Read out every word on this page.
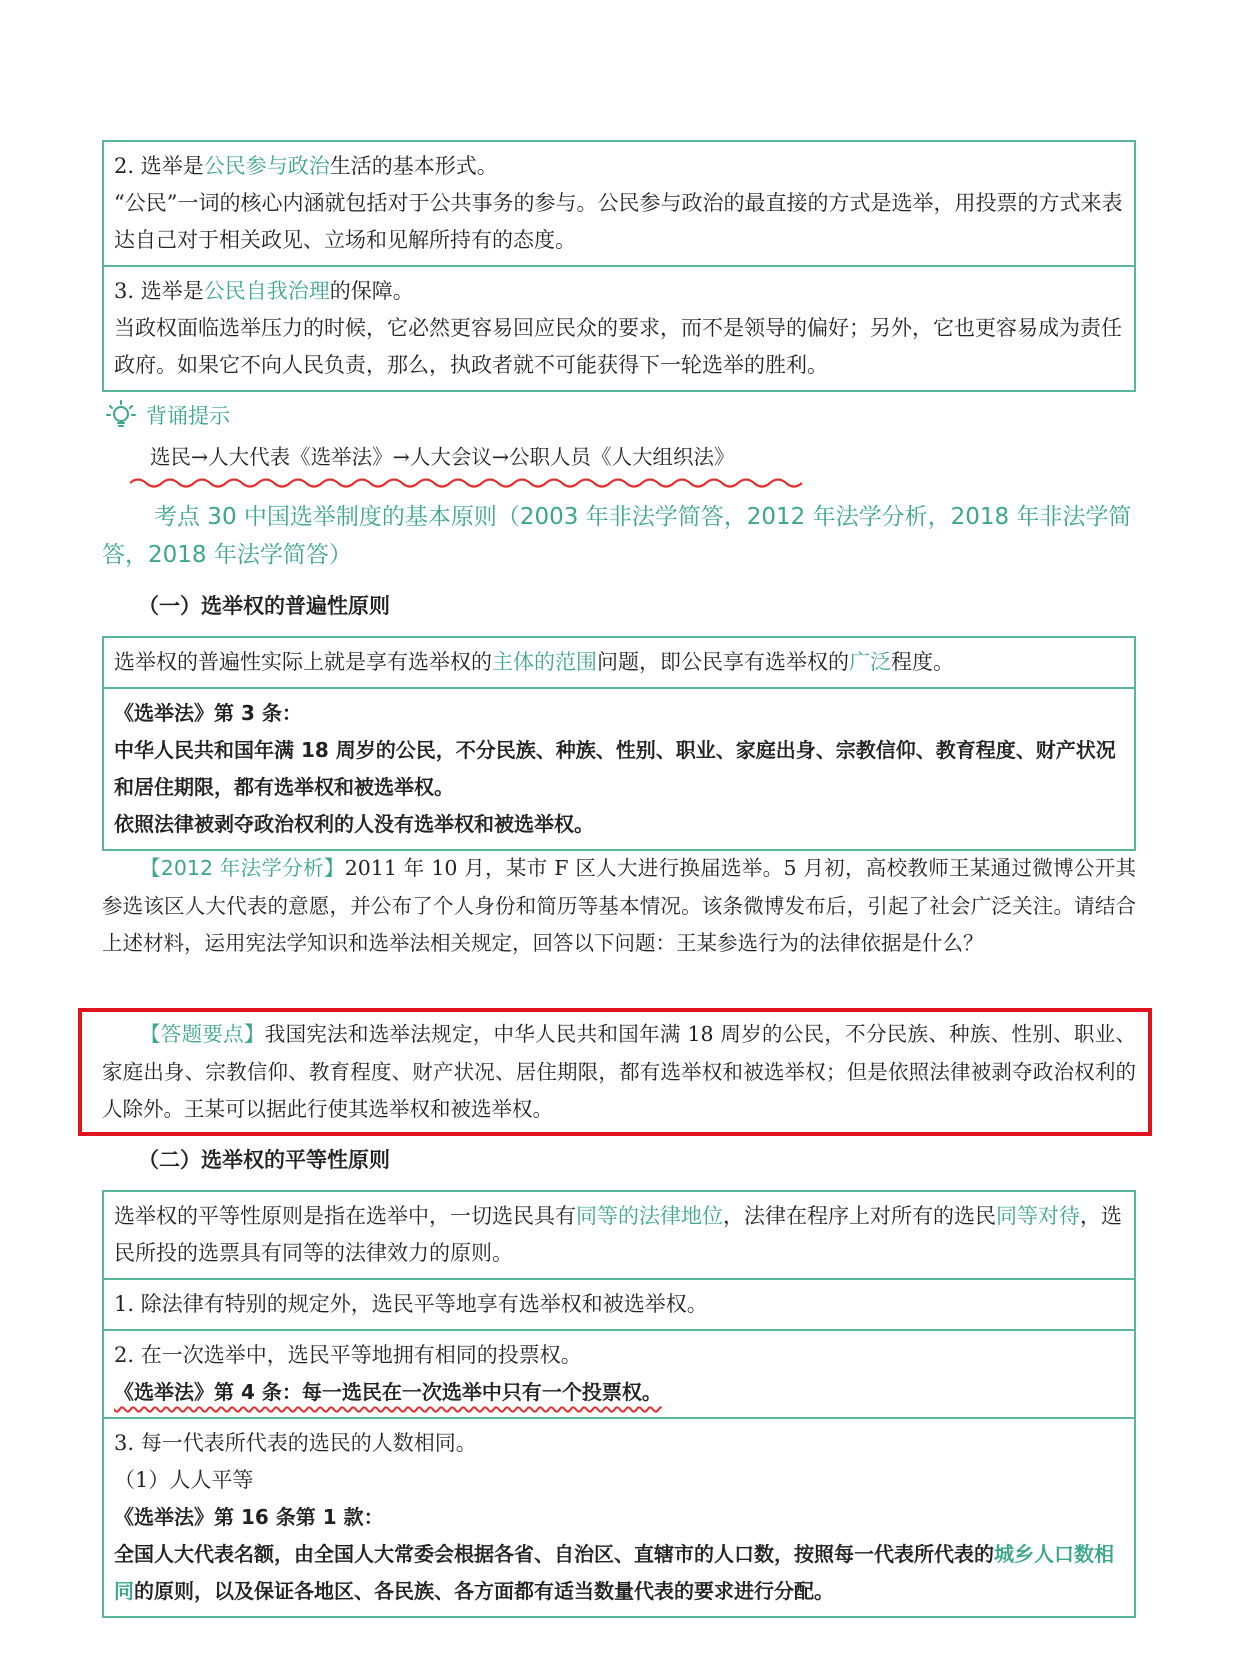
2. 选举是公民参与政治生活的基本形式。
“公民”一词的核心内涵就包括对于公共事务的参与。公民参与政治的最直接的方式是选举，用投票的方式来表达自己对于相关政见、立场和见解所持有的态度。
3. 选举是公民自我治理的保障。
当政权面临选举压力的时候，它必然更容易回应民众的要求，而不是领导的偏好；另外，它也更容易成为责任政府。如果它不向人民负责，那么，执政者就不可能获得下一轮选举的胜利。
背诵提示
选民→人大代表《选举法》→人大会议→公职人员《人大组织法》
考点 30 中国选举制度的基本原则（2003 年非法学简答，2012 年法学分析，2018 年非法学简答，2018 年法学简答）
（一）选举权的普遍性原则
选举权的普遍性实际上就是享有选举权的主体的范围问题，即公民享有选举权的广泛程度。
《选举法》第 3 条：
中华人民共和国年满 18 周岁的公民，不分民族、种族、性别、职业、家庭出身、宗教信仰、教育程度、财产状况和居住期限，都有选举权和被选举权。
依照法律被剥夺政治权利的人没有选举权和被选举权。
【2012 年法学分析】2011 年 10 月，某市 F 区人大进行换届选举。5 月初，高校教师王某通过微博公开其参选该区人大代表的意愿，并公布了个人身份和简历等基本情况。该条微博发布后，引起了社会广泛关注。请结合上述材料，运用宪法学知识和选举法相关规定，回答以下问题：王某参选行为的法律依据是什么？
【答题要点】我国宪法和选举法规定，中华人民共和国年满 18 周岁的公民，不分民族、种族、性别、职业、家庭出身、宗教信仰、教育程度、财产状况、居住期限，都有选举权和被选举权；但是依照法律被剥夺政治权利的人除外。王某可以据此行使其选举权和被选举权。
（二）选举权的平等性原则
选举权的平等性原则是指在选举中，一切选民具有同等的法律地位，法律在程序上对所有的选民同等对待，选民所投的选票具有同等的法律效力的原则。
1. 除法律有特别的规定外，选民平等地享有选举权和被选举权。
2. 在一次选举中，选民平等地拥有相同的投票权。
《选举法》第 4 条：每一选民在一次选举中只有一个投票权。
3. 每一代表所代表的选民的人数相同。
（1）人人平等
《选举法》第 16 条第 1 款：
全国人大代表名额，由全国人大常委会根据各省、自治区、直辖市的人口数，按照每一代表所代表的城乡人口数相同的原则，以及保证各地区、各民族、各方面都有适当数量代表的要求进行分配。
